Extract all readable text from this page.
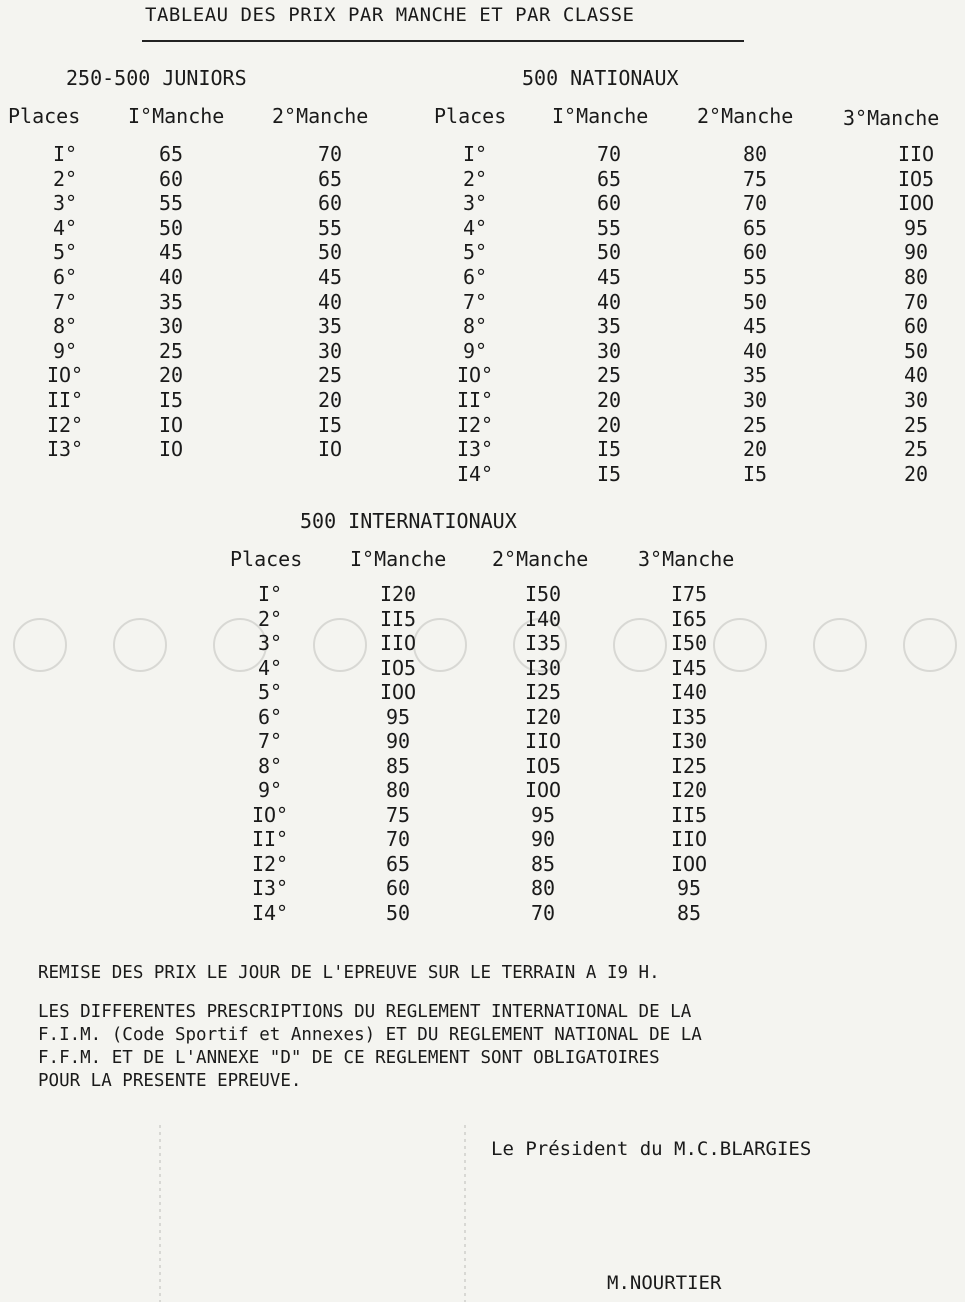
TABLEAU DES PRIX PAR MANCHE ET PAR CLASSE
250-500 JUNIORS
Places I°Manche 2°Manche
I°
2°
3°
4°
5°
6°
7°
8°
9°
IO°
II°
I2°
I3°
65
60
55
50
45
40
35
30
25
20
I5
IO
IO
70
65
60
55
50
45
40
35
30
25
20
I5
IO
500 NATIONAUX
Places I°Manche 2°Manche 3°Manche
I°
2°
3°
4°
5°
6°
7°
8°
9°
IO°
II°
I2°
I3°
I4°
70
65
60
55
50
45
40
35
30
25
20
20
I5
I5
80
75
70
65
60
55
50
45
40
35
30
25
20
I5
IIO
IO5
IOO
95
90
80
70
60
50
40
30
25
25
20
500 INTERNATIONAUX
Places I°Manche 2°Manche 3°Manche
I°
2°
3°
4°
5°
6°
7°
8°
9°
IO°
II°
I2°
I3°
I4°
I20
II5
IIO
IO5
IOO
95
90
85
80
75
70
65
60
50
I50
I40
I35
I30
I25
I20
IIO
IO5
IOO
95
90
85
80
70
I75
I65
I50
I45
I40
I35
I30
I25
I20
II5
IIO
IOO
95
85
REMISE DES PRIX LE JOUR DE L'EPREUVE SUR LE TERRAIN A I9 H.
LES DIFFERENTES PRESCRIPTIONS DU REGLEMENT INTERNATIONAL DE LA
F.I.M. (Code Sportif et Annexes) ET DU REGLEMENT NATIONAL DE LA
F.F.M. ET DE L'ANNEXE "D" DE CE REGLEMENT SONT OBLIGATOIRES
POUR LA PRESENTE EPREUVE.
Le Président du M.C.BLARGIES
M.NOURTIER
